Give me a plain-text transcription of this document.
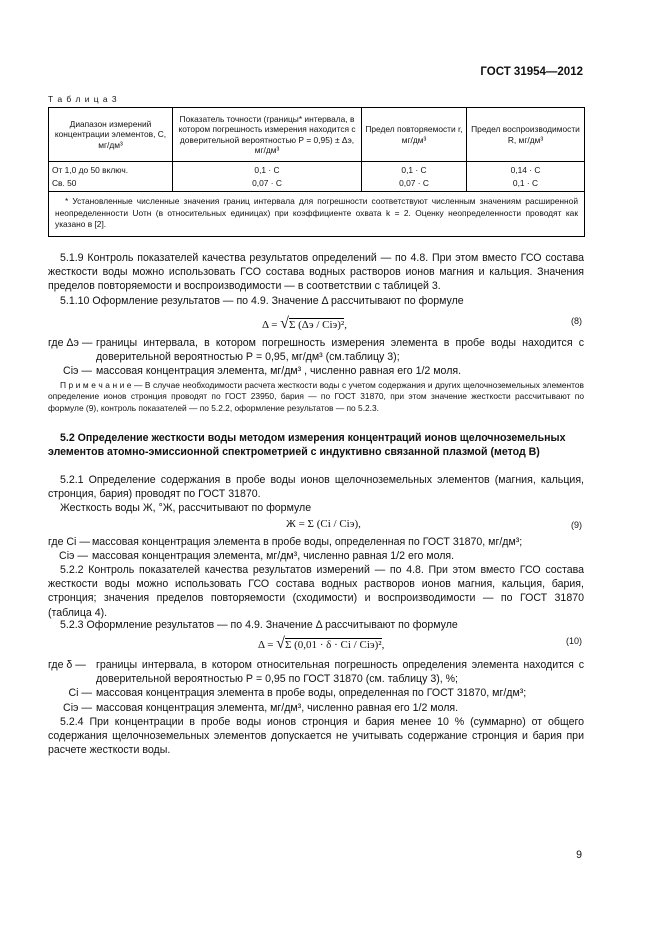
ГОСТ 31954—2012
Т а б л и ц а 3
Диапазон измерений концентрации элементов, С, мг/дм³	Показатель точности (границы* интервала, в котором погрешность измерения находится с доверительной вероятностью Р = 0,95) ± Δэ, мг/дм³	Предел повторяемости r, мг/дм³	Предел воспроизводимости R, мг/дм³
От 1,0 до 50 включ.	0,1 · C	0,1 · C	0,14 · C
Св. 50	0,07 · C	0,07 · C	0,1 · C
* Установленные численные значения границ интервала для погрешности соответствуют численным значениям расширенной неопределенности Uотн (в относительных единицах) при коэффициенте охвата k = 2. Оценку неопределенности проводят как указано в [2].			
5.1.9 Контроль показателей качества результатов определений — по 4.8. При этом вместо ГСО состава жесткости воды можно использовать ГСО состава водных растворов ионов магния и кальция. Значения пределов повторяемости и воспроизводимости — в соответствии с таблицей 3.
5.1.10 Оформление результатов — по 4.9. Значение Δ рассчитывают по формуле
Δ = √Σ (Δэ / Cіэ)²,	(8)
где Δэ — границы интервала, в котором погрешность измерения элемента в пробе воды находится с доверительной вероятностью Р = 0,95, мг/дм³ (см.таблицу 3);
Cіэ — массовая концентрация элемента, мг/дм³ , численно равная его 1/2 моля.
П р и м е ч а н и е — В случае необходимости расчета жесткости воды с учетом содержания и других щелочноземельных элементов определение ионов стронция проводят по ГОСТ 23950, бария — по ГОСТ 31870, при этом значение жесткости рассчитывают по формуле (9), контроль показателей — по 5.2.2, оформление результатов — по 5.2.3.
5.2 Определение жесткости воды методом измерения концентраций ионов щелочноземельных элементов атомно-эмиссионной спектрометрией с индуктивно связанной плазмой (метод В)
5.2.1 Определение содержания в пробе воды ионов щелочноземельных элементов (магния, кальция, стронция, бария) проводят по ГОСТ 31870.
Жесткость воды Ж, °Ж, рассчитывают по формуле
Ж = Σ (Cі / Cіэ),	(9)
где Cі — массовая концентрация элемента в пробе воды, определенная по ГОСТ 31870, мг/дм³;
Cіэ — массовая концентрация элемента, мг/дм³, численно равная 1/2 его моля.
5.2.2 Контроль показателей качества результатов измерений — по 4.8. При этом вместо ГСО состава жесткости воды можно использовать ГСО состава водных растворов ионов магния, кальция, бария, стронция; значения пределов повторяемости (сходимости) и воспроизводимости — по ГОСТ 31870 (таблица 4).
5.2.3 Оформление результатов — по 4.9. Значение Δ рассчитывают по формуле
Δ = √Σ (0,01 · δ · Cі / Cіэ)²,	(10)
где δ — границы интервала, в котором относительная погрешность определения элемента находится с доверительной вероятностью Р = 0,95 по ГОСТ 31870 (см. таблицу 3), %;
Cі — массовая концентрация элемента в пробе воды, определенная по ГОСТ 31870, мг/дм³;
Cіэ — массовая концентрация элемента, мг/дм³, численно равная его 1/2 моля.
5.2.4 При концентрации в пробе воды ионов стронция и бария менее 10 % (суммарно) от общего содержания щелочноземельных элементов допускается не учитывать содержание стронция и бария при расчете жесткости воды.
9
